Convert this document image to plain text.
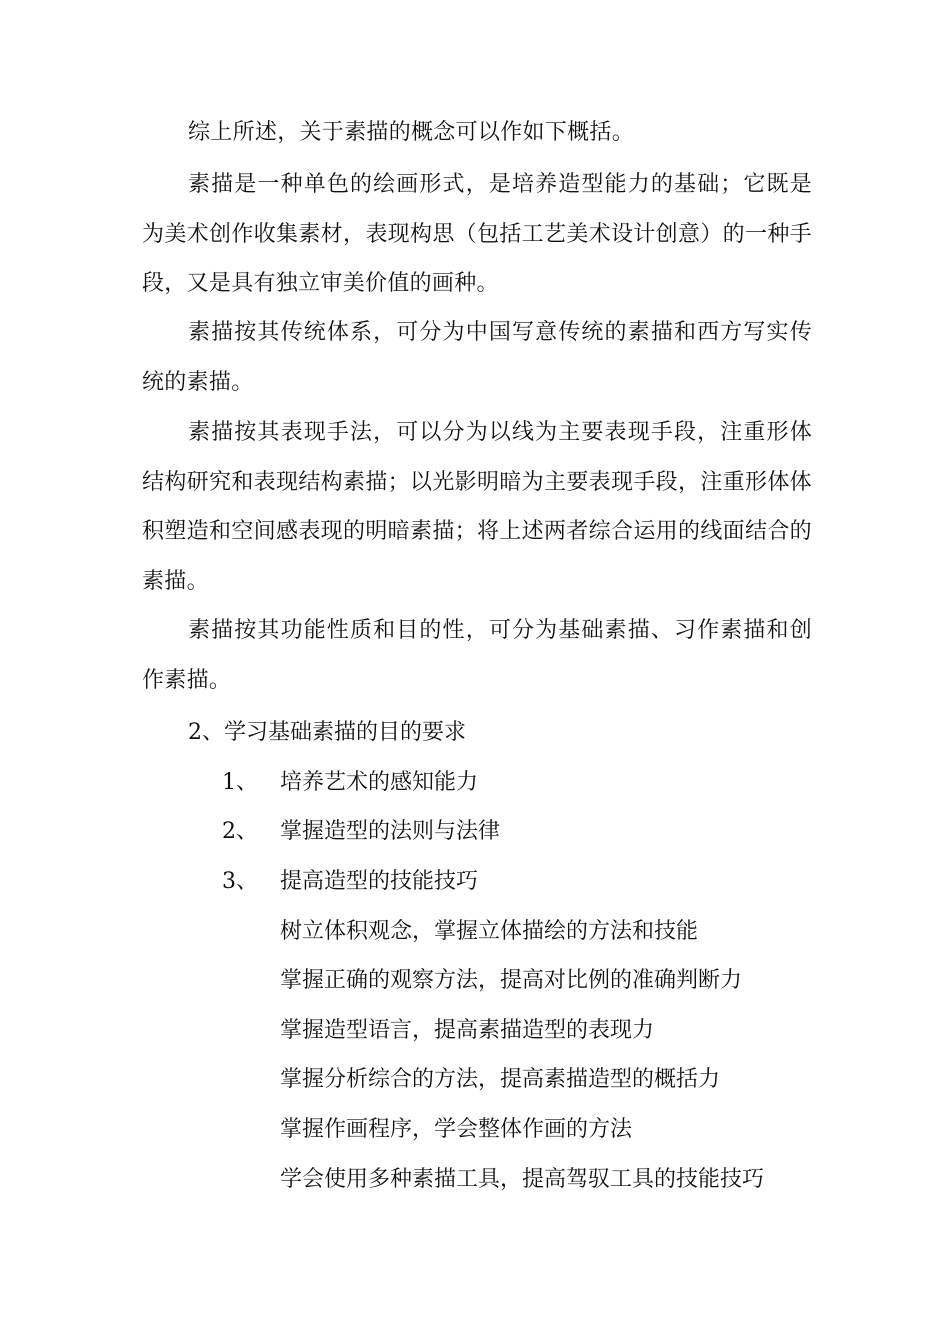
综上所述，关于素描的概念可以作如下概括。

素描是一种单色的绘画形式，是培养造型能力的基础；它既是为美术创作收集素材，表现构思（包括工艺美术设计创意）的一种手段，又是具有独立审美价值的画种。

素描按其传统体系，可分为中国写意传统的素描和西方写实传统的素描。

素描按其表现手法，可以分为以线为主要表现手段，注重形体结构研究和表现结构素描；以光影明暗为主要表现手段，注重形体体积塑造和空间感表现的明暗素描；将上述两者综合运用的线面结合的素描。

素描按其功能性质和目的性，可分为基础素描、习作素描和创作素描。

2、学习基础素描的目的要求

1、 培养艺术的感知能力
2、 掌握造型的法则与法律
3、 提高造型的技能技巧
树立体积观念，掌握立体描绘的方法和技能
掌握正确的观察方法，提高对比例的准确判断力
掌握造型语言，提高素描造型的表现力
掌握分析综合的方法，提高素描造型的概括力
掌握作画程序，学会整体作画的方法
学会使用多种素描工具，提高驾驭工具的技能技巧
